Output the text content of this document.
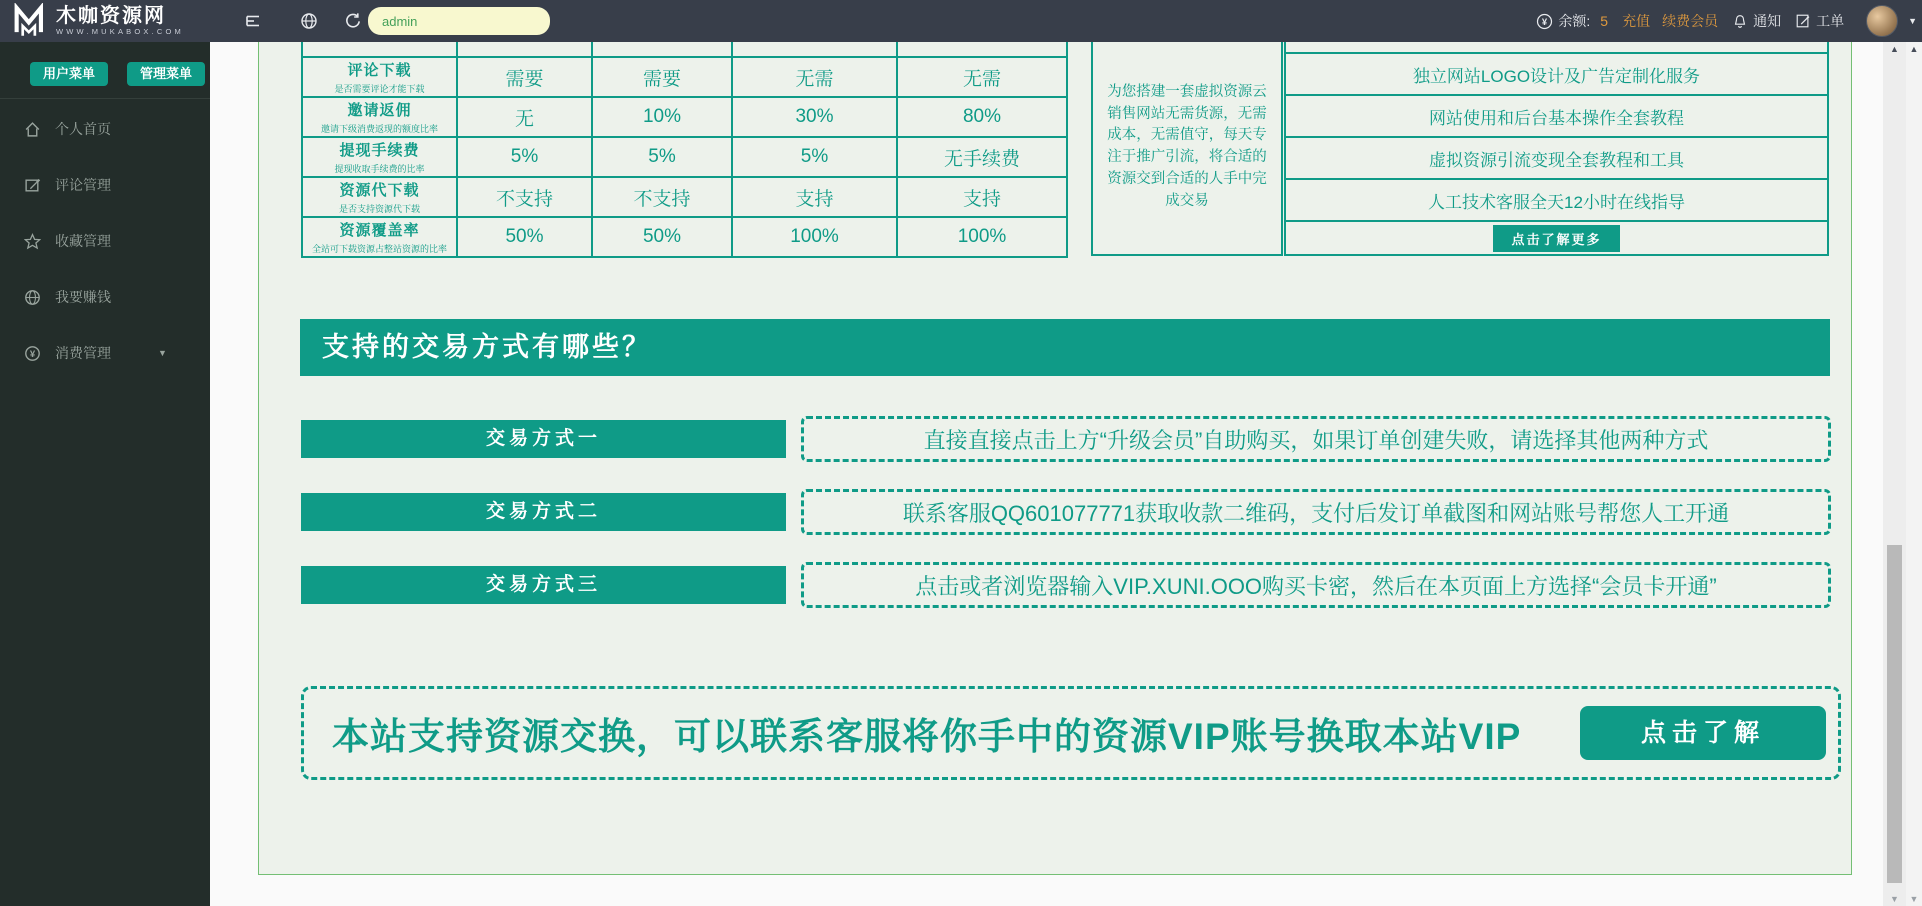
木咖资源网
WWW.MUKABOX.COM
admin
¥ 余额: 5 充值 续费会员	通知	工单	▼
用户菜单	管理菜单
个人首页
评论管理
收藏管理
我要赚钱
¥ 消费管理	▼

评论下载
是否需要评论才能下载	需要	需要	无需	无需

邀请返佣
邀请下级消费返现的额度比率	无	10%	30%	80%

提现手续费
提现收取手续费的比率	5%	5%	5%	无手续费

资源代下载
是否支持资源代下载	不支持	不支持	支持	支持

资源覆盖率
全站可下载资源占整站资源的比率	50%	50%	100%	100%
为您搭建一套虚拟资源云销售网站无需货源，无需成本，无需值守，每天专注于推广引流，将合适的资源交到合适的人手中完成交易
独立网站LOGO设计及广告定制化服务
网站使用和后台基本操作全套教程
虚拟资源引流变现全套教程和工具
人工技术客服全天12小时在线指导
点击了解更多
支持的交易方式有哪些？
直接直接点击上方“升级会员”自助购买，如果订单创建失败，请选择其他两种方式
交易方式一
联系客服QQ601077771获取收款二维码，支付后发订单截图和网站账号帮您人工开通
交易方式二
点击或者浏览器输入VIP.XUNI.OOO购买卡密，然后在本页面上方选择“会员卡开通”
交易方式三
本站支持资源交换，可以联系客服将你手中的资源VIP账号换取本站VIP	点击了解
▲
▼
▲
▼
